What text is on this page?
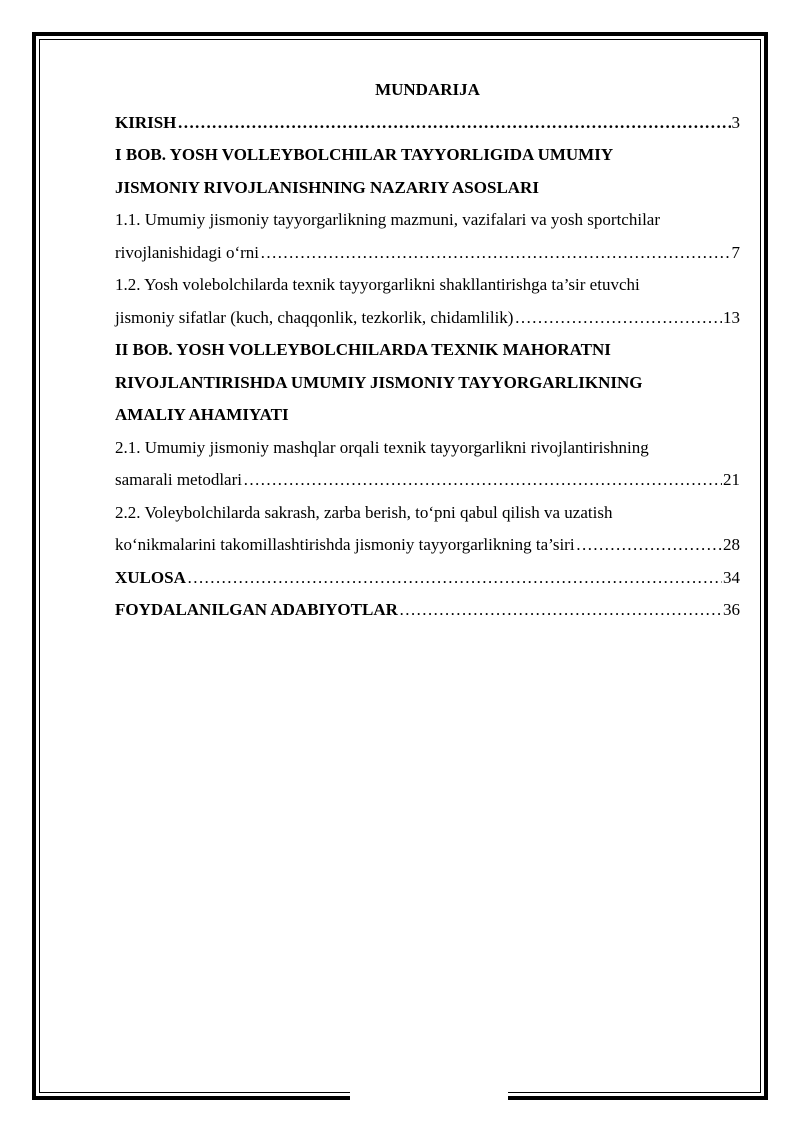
MUNDARIJA

KIRISH ………………………………………………………………………………………………………………………………………………	3

I BOB. YOSH VOLLEYBOLCHILAR TAYYORLIGIDA UMUMIY
JISMONIY RIVOJLANISHNING NAZARIY ASOSLARI

1.1. Umumiy jismoniy tayyorgarlikning mazmuni, vazifalari va yosh sportchilar

rivojlanishidagi o‘rni ………………………………………………………………………………………………………………………………………………	7

1.2. Yosh volebolchilarda texnik tayyorgarlikni shakllantirishga ta’sir etuvchi

jismoniy sifatlar (kuch, chaqqonlik, tezkorlik, chidamlilik) ………………………………………………………………………………………………………………………………………………	13

II BOB. YOSH VOLLEYBOLCHILARDA TEXNIK MAHORATNI
RIVOJLANTIRISHDA UMUMIY JISMONIY TAYYORGARLIKNING
AMALIY AHAMIYATI

2.1. Umumiy jismoniy mashqlar orqali texnik tayyorgarlikni rivojlantirishning

samarali metodlari ………………………………………………………………………………………………………………………………………………	21

2.2. Voleybolchilarda sakrash, zarba berish, to‘pni qabul qilish va uzatish

ko‘nikmalarini takomillashtirishda jismoniy tayyorgarlikning ta’siri ………………………………………………………………………………………………………………………………………………	28
XULOSA ………………………………………………………………………………………………………………………………………………	34
FOYDALANILGAN ADABIYOTLAR ………………………………………………………………………………………………………………………………………………	36
